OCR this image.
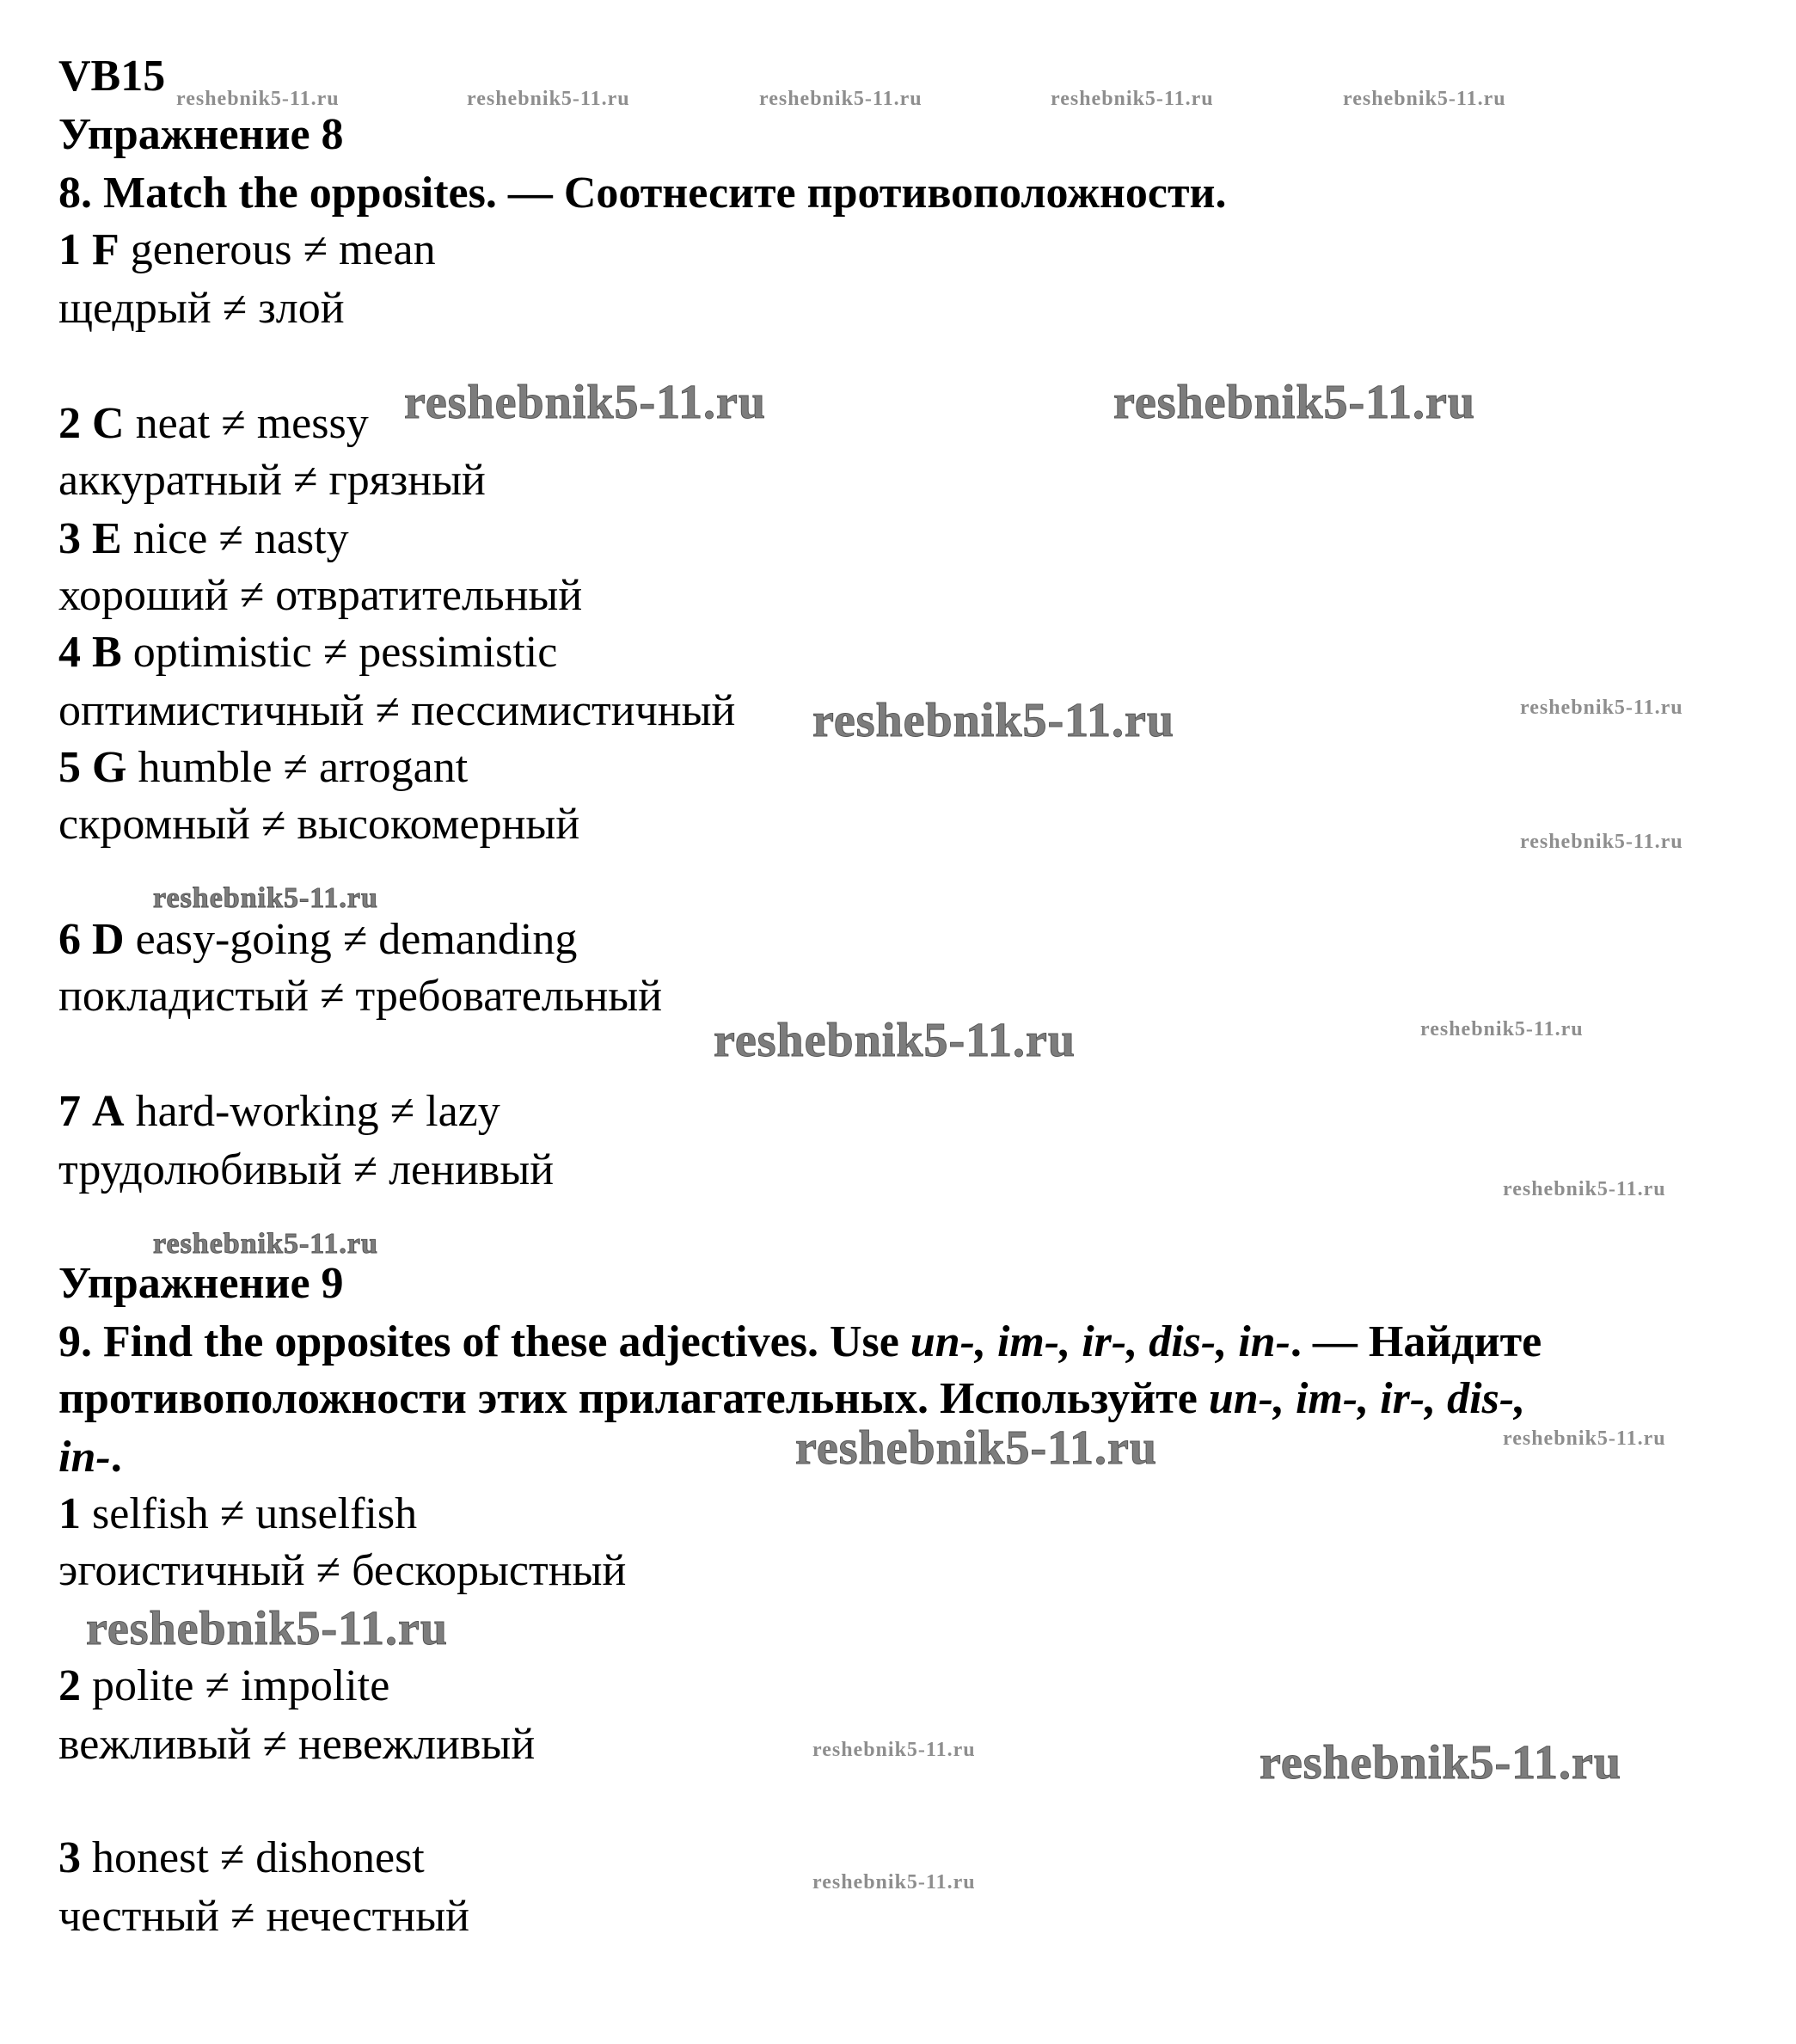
VB15

Упражнение 8

8. Match the opposites. — Соотнесите противоположности.

1 F generous ≠ mean

щедрый ≠ злой

2 C neat ≠ messy

аккуратный ≠ грязный

3 E nice ≠ nasty

хороший ≠ отвратительный

4 B optimistic ≠ pessimistic

оптимистичный ≠ пессимистичный

5 G humble ≠ arrogant

скромный ≠ высокомерный

6 D easy-going ≠ demanding

покладистый ≠ требовательный

7 A hard-working ≠ lazy

трудолюбивый ≠ ленивый

Упражнение 9

9. Find the opposites of these adjectives. Use un-, im-, ir-, dis-, in-. — Найдите

противоположности этих прилагательных. Используйте un-, im-, ir-, dis-,

in-.

1 selfish ≠ unselfish

эгоистичный ≠ бескорыстный

2 polite ≠ impolite

вежливый ≠ невежливый

3 honest ≠ dishonest

честный ≠ нечестный

reshebnik5-11.ru	reshebnik5-11.ru	reshebnik5-11.ru	reshebnik5-11.ru	reshebnik5-11.ru
reshebnik5-11.ru	reshebnik5-11.ru
reshebnik5-11.ru	reshebnik5-11.ru
reshebnik5-11.ru
reshebnik5-11.ru
reshebnik5-11.ru	reshebnik5-11.ru
reshebnik5-11.ru
reshebnik5-11.ru
reshebnik5-11.ru	reshebnik5-11.ru
reshebnik5-11.ru
reshebnik5-11.ru	reshebnik5-11.ru
reshebnik5-11.ru
